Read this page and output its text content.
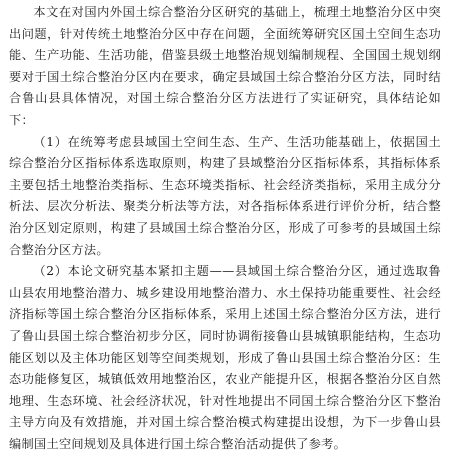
本文在对国内外国土综合整治分区研究的基础上，梳理土地整治分区中突出问题，针对传统土地整治分区中存在问题，全面统筹研究区国土空间生态功能、生产功能、生活功能，借鉴县级土地整治规划编制规程、全国国土规划纲要对于国土综合整治分区内在要求，确定县域国土综合整治分区方法，同时结合鲁山县具体情况，对国土综合整治分区方法进行了实证研究，具体结论如下：

（1）在统筹考虑县域国土空间生态、生产、生活功能基础上，依据国土综合整治分区指标体系选取原则，构建了县域整治分区指标体系，其指标体系主要包括土地整治类指标、生态环境类指标、社会经济类指标，采用主成分分析法、层次分析法、聚类分析法等方法，对各指标体系进行评价分析，结合整治分区划定原则，构建了县域国土综合整治分区，形成了可参考的县域国土综合整治分区方法。

（2）本论文研究基本紧扣主题——县域国土综合整治分区，通过选取鲁山县农用地整治潜力、城乡建设用地整治潜力、水土保持功能重要性、社会经济指标等国土综合整治分区指标体系，采用上述国土综合整治分区方法，进行了鲁山县国土综合整治初步分区，同时协调衔接鲁山县城镇职能结构，生态功能区划以及主体功能区划等空间类规划，形成了鲁山县国土综合整治分区：生态功能修复区，城镇低效用地整治区，农业产能提升区，根据各整治分区自然地理、生态环境、社会经济状况，针对性地提出不同国土综合整治分区下整治主导方向及有效措施，并对国土综合整治模式构建提出设想，为下一步鲁山县编制国土空间规划及具体进行国土综合整治活动提供了参考。
